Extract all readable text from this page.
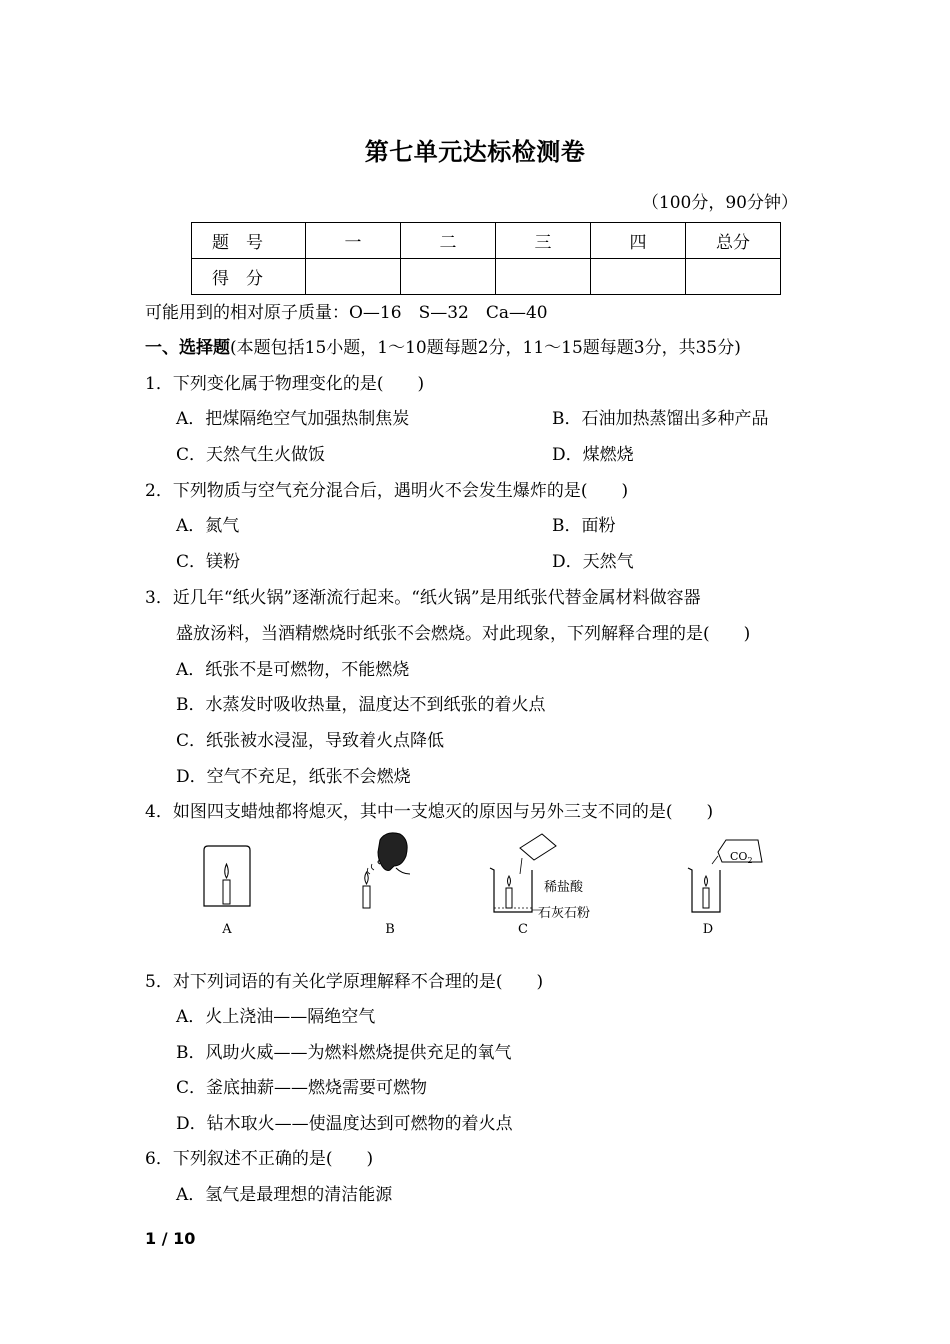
第七单元达标检测卷
（100分，90分钟）
题　号	一	二	三	四	总分
得　分					
可能用到的相对原子质量：O—16　S—32　Ca—40
一、选择题(本题包括15小题，1～10题每题2分，11～15题每题3分，共35分)
1．下列变化属于物理变化的是(　　)
A．把煤隔绝空气加强热制焦炭	B．石油加热蒸馏出多种产品
C．天然气生火做饭	D．煤燃烧
2．下列物质与空气充分混合后，遇明火不会发生爆炸的是(　　)
A．氮气	B．面粉
C．镁粉	D．天然气
3．近几年“纸火锅”逐渐流行起来。“纸火锅”是用纸张代替金属材料做容器
盛放汤料，当酒精燃烧时纸张不会燃烧。对此现象，下列解释合理的是(　　)
A．纸张不是可燃物，不能燃烧
B．水蒸发时吸收热量，温度达不到纸张的着火点
C．纸张被水浸湿，导致着火点降低
D．空气不充足，纸张不会燃烧
4．如图四支蜡烛都将熄灭，其中一支熄灭的原因与另外三支不同的是(　　)
A	B
稀盐酸
石灰石粉
C
$CO_2$
D
5．对下列词语的有关化学原理解释不合理的是(　　)
A．火上浇油——隔绝空气
B．风助火威——为燃料燃烧提供充足的氧气
C．釜底抽薪——燃烧需要可燃物
D．钻木取火——使温度达到可燃物的着火点
6．下列叙述不正确的是(　　)
A．氢气是最理想的清洁能源
1 / 10
